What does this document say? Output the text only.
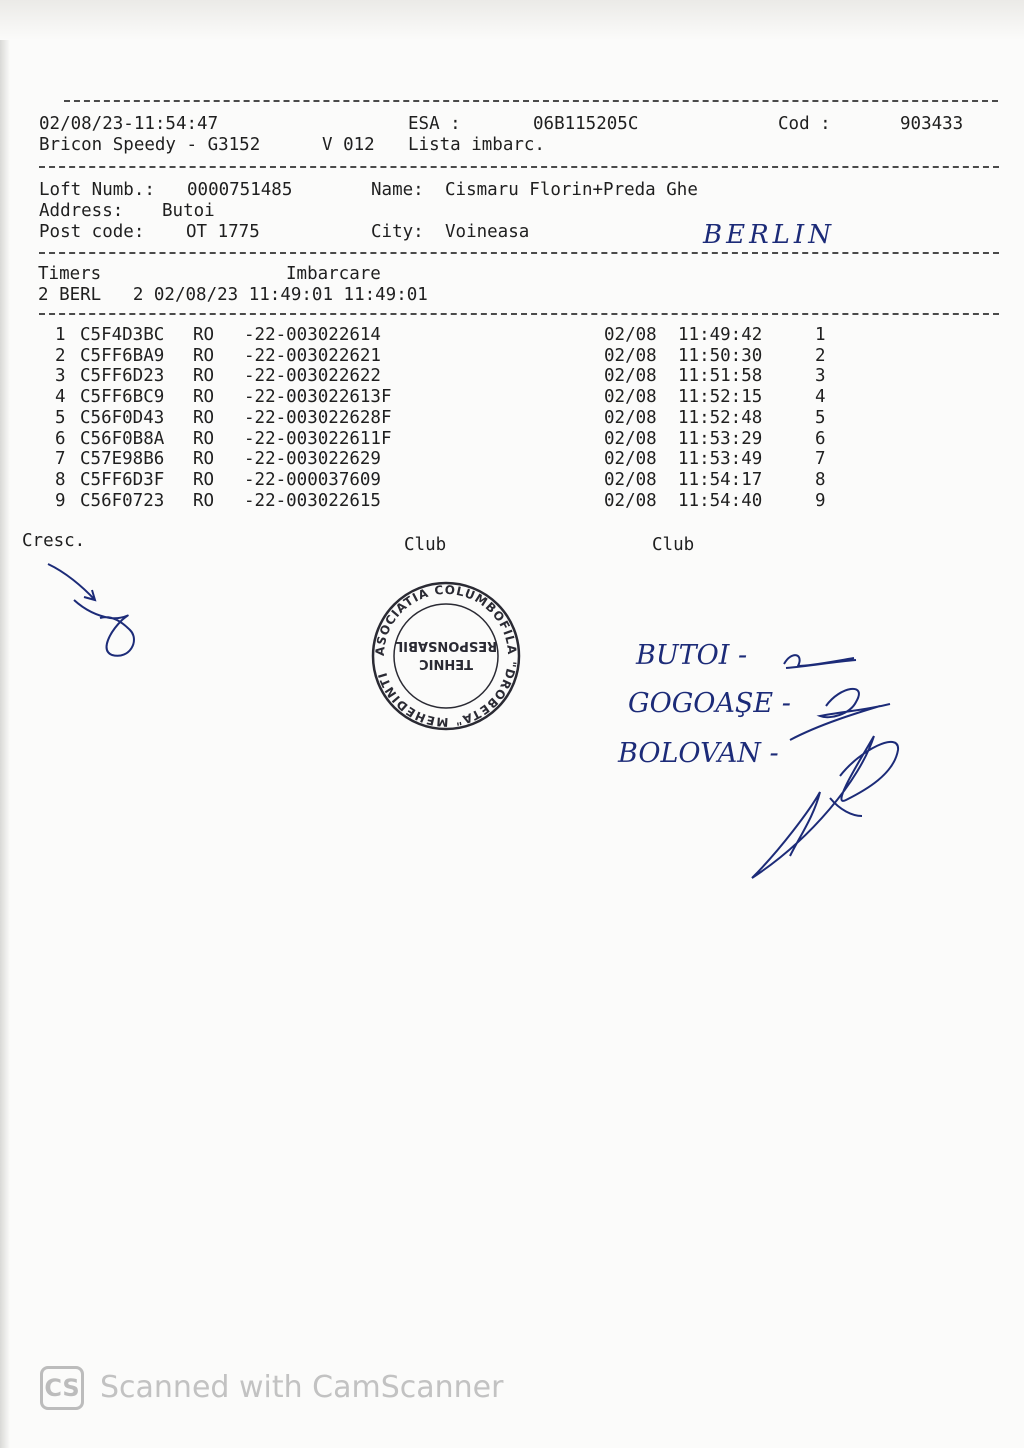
02/08/23-11:54:47	ESA :	06B115205C	Cod :	903433
Bricon Speedy - G3152	V 012 Lista imbarc.
Loft Numb.: 0000751485	Name: Cismaru Florin+Preda Ghe
Address: Butoi
Post code: OT 1775	City: Voineasa	BERLIN
Timers	Imbarcare
2 BERL   2 02/08/23 11:49:01 11:49:01
1 C5F4D3BC RO -22-003022614	02/08 11:49:42	1
2 C5FF6BA9 RO -22-003022621	02/08 11:50:30	2
3 C5FF6D23 RO -22-003022622	02/08 11:51:58	3
4 C5FF6BC9 RO -22-003022613F	02/08 11:52:15	4
5 C56F0D43 RO -22-003022628F	02/08 11:52:48	5
6 C56F0B8A RO -22-003022611F	02/08 11:53:29	6
7 C57E98B6 RO -22-003022629	02/08 11:53:49	7
8 C5FF6D3F RO -22-000037609	02/08 11:54:17	8
9 C56F0723 RO -22-003022615	02/08 11:54:40	9
Cresc.	Club	Club
ASOCIATIA COLUMBOFILA "DROBETA" MEHEDINTI
TEHNIC
RESPONSABIL	BUTOI -
GOGOAŞE -
BOLOVAN -
CS Scanned with CamScanner
